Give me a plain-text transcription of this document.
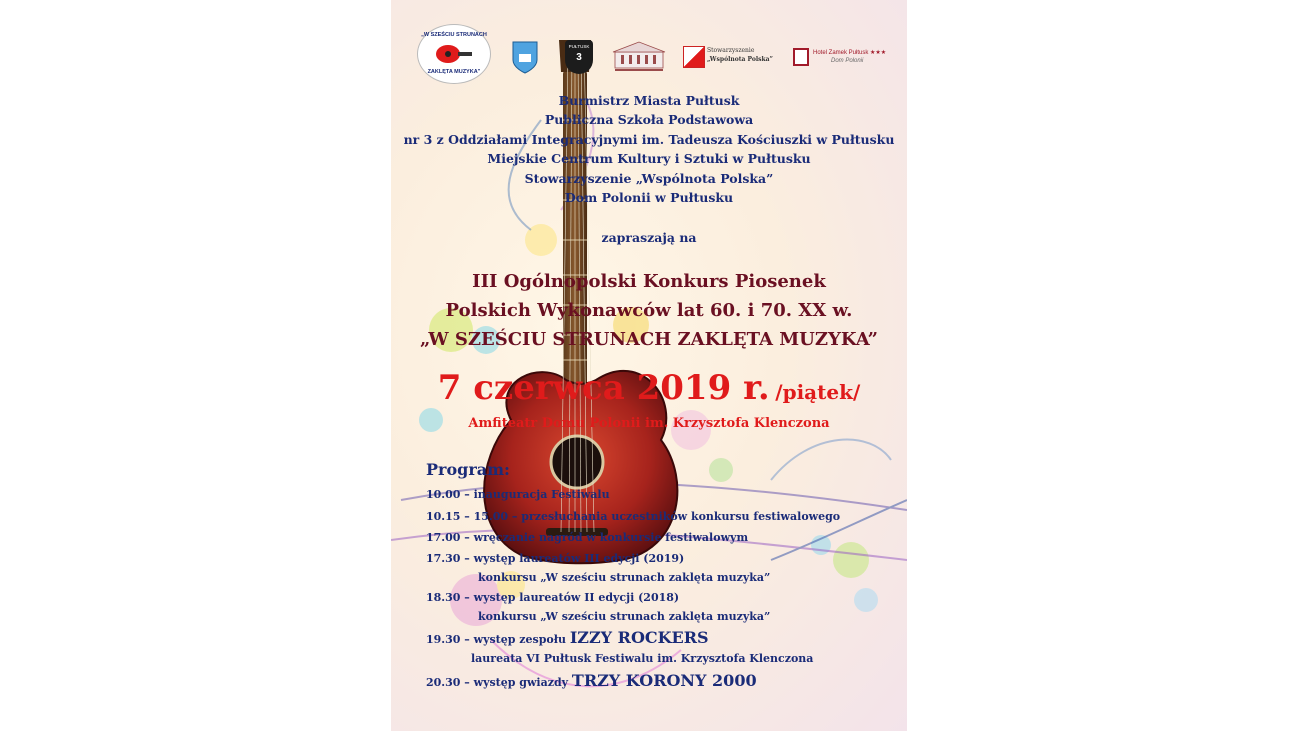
„W SZEŚCIU STRUNACH
ZAKLĘTA MUZYKA”
PUŁTUSK
3
Stowarzyszenie
„Wspólnota Polska”
Hotel Zamek Pułtusk ★★★
Dom Polonii
Burmistrz Miasta Pułtusk
Publiczna Szkoła Podstawowa
nr 3 z Oddziałami Integracyjnymi im. Tadeusza Kościuszki w Pułtusku
Miejskie Centrum Kultury i Sztuki w Pułtusku
Stowarzyszenie „Wspólnota Polska”
Dom Polonii w Pułtusku
zapraszają na
III Ogólnopolski Konkurs Piosenek
Polskich Wykonawców lat 60. i 70. XX w.
„W SZEŚCIU STRUNACH ZAKLĘTA MUZYKA”
7 czerwca 2019 r. /piątek/
Amfiteatr Domu Polonii im. Krzysztofa Klenczona
Program:
10.00 – inauguracja Festiwalu
10.15 – 15.00 – przesłuchania uczestników konkursu festiwalowego
17.00 – wręczanie nagród w konkursie festiwalowym
17.30 – występ laureatów III edycji (2019)
konkursu „W sześciu strunach zaklęta muzyka”
18.30 – występ laureatów II edycji (2018)
konkursu „W sześciu strunach zaklęta muzyka”
19.30 – występ zespołu IZZY ROCKERS
laureata VI Pułtusk Festiwalu im. Krzysztofa Klenczona
20.30 – występ gwiazdy TRZY KORONY 2000
